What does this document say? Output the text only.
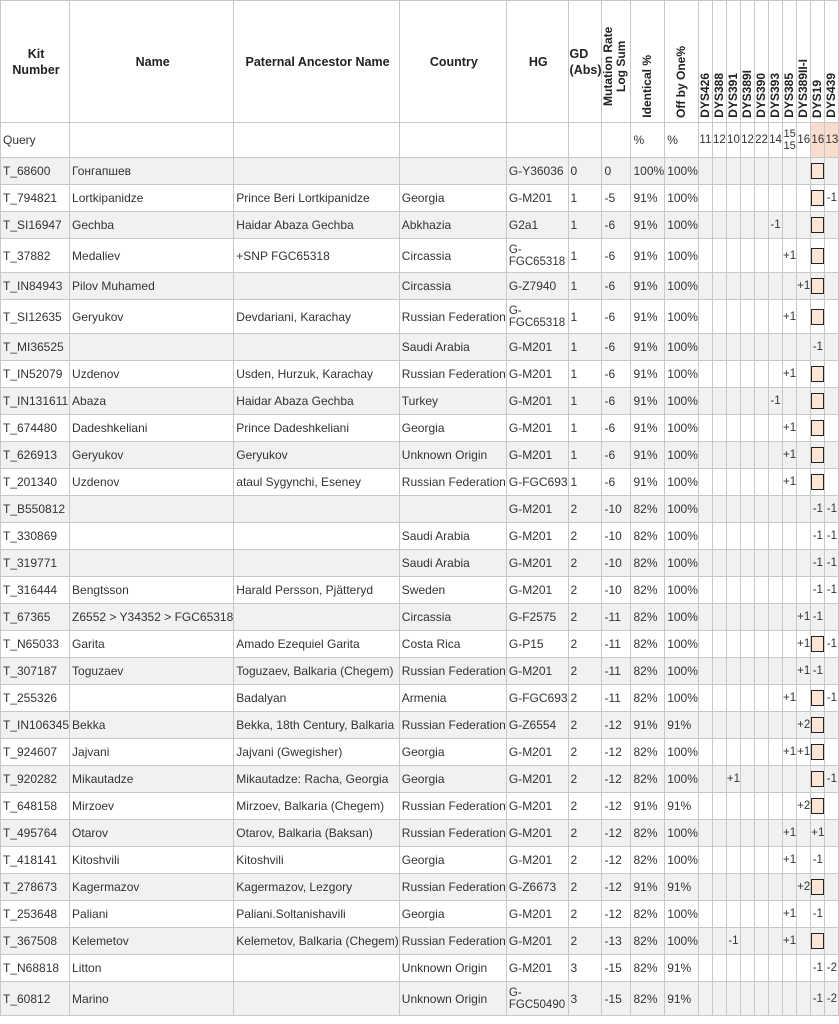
Kit Number	Name	Paternal Ancestor Name	Country	HG	GD (Abs)	Mutation Rate Log Sum	Identical %	Off by One%	DYS426	DYS388	DYS391	DYS389I	DYS390	DYS393	DYS385	DYS389II-I	DYS19	DYS439

Query							%	%	11	12	10	12	22	14	15 15	16	16	13
T_68600	Гонгапшев			G-Y36036	0	0	100%	100%										
T_794821	Lortkipanidze	Prince Beri Lortkipanidze	Georgia	G-M201	1	-5	91%	100%										-1
T_SI16947	Gechba	Haidar Abaza Gechba	Abkhazia	G2a1	1	-6	91%	100%						-1				
T_37882	Medaliev	+SNP FGC65318	Circassia	G-FGC65318	1	-6	91%	100%							+1			
T_IN84943	Pilov Muhamed		Circassia	G-Z7940	1	-6	91%	100%								+1		
T_SI12635	Geryukov	Devdariani, Karachay	Russian Federation	G-FGC65318	1	-6	91%	100%							+1			
T_MI36525			Saudi Arabia	G-M201	1	-6	91%	100%									-1	
T_IN52079	Uzdenov	Usden, Hurzuk, Karachay	Russian Federation	G-M201	1	-6	91%	100%							+1			
T_IN131611	Abaza	Haidar Abaza Gechba	Turkey	G-M201	1	-6	91%	100%						-1				
T_674480	Dadeshkeliani	Prince Dadeshkeliani	Georgia	G-M201	1	-6	91%	100%							+1			
T_626913	Geryukov	Geryukov	Unknown Origin	G-M201	1	-6	91%	100%							+1			
T_201340	Uzdenov	ataul Sygynchi, Eseney	Russian Federation	G-FGC693	1	-6	91%	100%							+1			
T_B550812				G-M201	2	-10	82%	100%									-1	-1
T_330869			Saudi Arabia	G-M201	2	-10	82%	100%									-1	-1
T_319771			Saudi Arabia	G-M201	2	-10	82%	100%									-1	-1
T_316444	Bengtsson	Harald Persson, Pjätteryd	Sweden	G-M201	2	-10	82%	100%									-1	-1
T_67365	Z6552 > Y34352 > FGC65318		Circassia	G-F2575	2	-11	82%	100%								+1	-1	
T_N65033	Garita	Amado Ezequiel Garita	Costa Rica	G-P15	2	-11	82%	100%								+1		-1
T_307187	Toguzaev	Toguzaev, Balkaria (Chegem)	Russian Federation	G-M201	2	-11	82%	100%								+1	-1	
T_255326		Badalyan	Armenia	G-FGC693	2	-11	82%	100%							+1			-1
T_IN106345	Bekka	Bekka, 18th Century, Balkaria	Russian Federation	G-Z6554	2	-12	91%	91%								+2		
T_924607	Jajvani	Jajvani (Gwegisher)	Georgia	G-M201	2	-12	82%	100%							+1	+1		
T_920282	Mikautadze	Mikautadze: Racha, Georgia	Georgia	G-M201	2	-12	82%	100%			+1							-1
T_648158	Mirzoev	Mirzoev, Balkaria (Chegem)	Russian Federation	G-M201	2	-12	91%	91%								+2		
T_495764	Otarov	Otarov, Balkaria (Baksan)	Russian Federation	G-M201	2	-12	82%	100%							+1		+1	
T_418141	Kitoshvili	Kitoshvili	Georgia	G-M201	2	-12	82%	100%							+1		-1	
T_278673	Kagermazov	Kagermazov, Lezgory	Russian Federation	G-Z6673	2	-12	91%	91%								+2		
T_253648	Paliani	Paliani.Soltanishavili	Georgia	G-M201	2	-12	82%	100%							+1		-1	
T_367508	Kelemetov	Kelemetov, Balkaria (Chegem)	Russian Federation	G-M201	2	-13	82%	100%			-1				+1			
T_N68818	Litton		Unknown Origin	G-M201	3	-15	82%	91%									-1	-2
T_60812	Marino		Unknown Origin	G-FGC50490	3	-15	82%	91%									-1	-2
